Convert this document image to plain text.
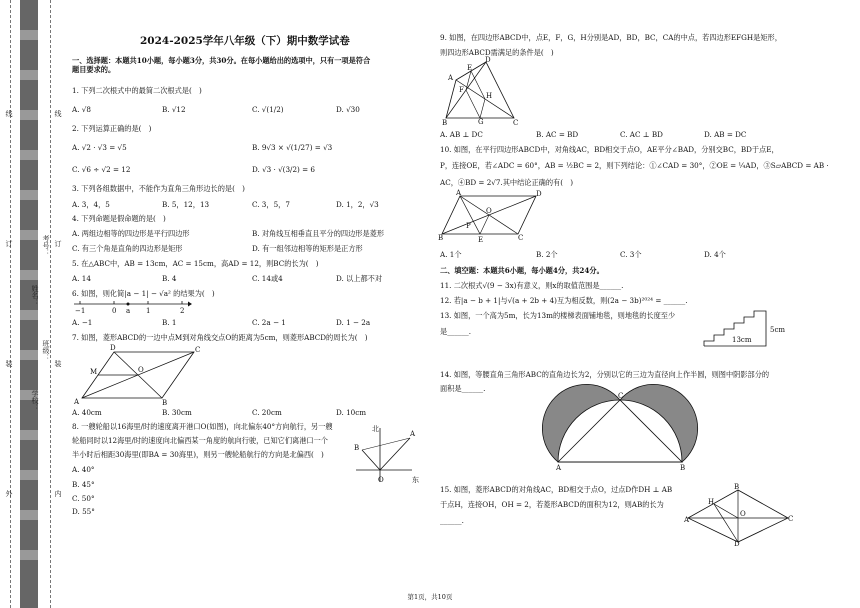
线
订
装
外
考号：
学校：
姓名：
班级：
线
订
装
内
2024-2025学年八年级（下）期中数学试卷
一、选择题：本题共10小题，每小题3分，共30分。在每小题给出的选项中，只有一项是符合题目要求的。
1. 下列二次根式中的最简二次根式是(　)
A. √8	B. √12	C. √(1/2)	D. √30
2. 下列运算正确的是(　)
A. √2 · √3 = √5	B. 9√3 × √(1/27) = √3
C. √6 ÷ √2 = 12	D. √3 · √(3/2) = 6
3. 下列各组数据中，不能作为直角三角形边长的是(　)
A. 3，4，5	B. 5，12，13	C. 3，5，7	D. 1，2，√3
4. 下列命题是假命题的是(　)
A. 两组边相等的四边形是平行四边形	B. 对角线互相垂直且平分的四边形是菱形
C. 有三个角是直角的四边形是矩形	D. 有一组邻边相等的矩形是正方形
5. 在△ABC中，AB = 13cm，AC = 15cm，高AD = 12，则BC的长为(　)
A. 14	B. 4	C. 14或4	D. 以上都不对
6. 如图，则化简|a − 1| − √a² 的结果为(　)
−1	0 a 1	2
A. −1	B. 1	C. 2a − 1	D. 1 − 2a
7. 如图，菱形ABCD的一边中点M到对角线交点O的距离为5cm，则菱形ABCD的周长为(　)
D	C
A	B
M	O
A. 40cm	B. 30cm	C. 20cm	D. 10cm
8. 一艘轮船以16海里/时的速度离开港口O(如图)，向北偏东40°方向航行，另一艘
轮船同时以12海里/时的速度向北偏西某一角度的航向行驶，已知它们离港口一个
半小时后相距30海里(即BA = 30海里)，则另一艘轮船航行的方向是北偏西(　)
A. 40°
B. 45°
C. 50°
D. 55°
北
东
B
A
O
9. 如图，在四边形ABCD中，点E，F，G，H分别是AD，BD，BC，CA的中点，若四边形EFGH是矩形，
则四边形ABCD需满足的条件是(　)
A
D
B	C
E
F
G
H
A. AB ⊥ DC	B. AC = BD	C. AC ⊥ BD	D. AB = DC
10. 如图，在平行四边形ABCD中，对角线AC，BD相交于点O，AE平分∠BAD，分别交BC，BD于点E，
P，连接OE，若∠ADC = 60°，AB = ½BC = 2，则下列结论：①∠CAD = 30°，②OE = ¼AD，③S▱ABCD = AB ·
AC，④BD = 2√7.其中结论正确的有(　)
A	D
B	C
O
P
E
A. 1个	B. 2个	C. 3个	D. 4个
二、填空题：本题共6小题，每小题4分，共24分。
11. 二次根式√(9 − 3x)有意义，则x的取值范围是______.
12. 若|a − b + 1|与√(a + 2b + 4)互为相反数，则(2a − 3b)²⁰²⁴ = ______.
13. 如图，一个高为5m，长为13m的楼梯表面铺地毯，则地毯的长度至少
是______.
13cm
5cm
14. 如图，等腰直角三角形ABC的直角边长为2，分别以它的三边为直径向上作半圆，则图中阴影部分的
面积是______.
A	B
C
15. 如图，菱形ABCD的对角线AC，BD相交于点O，过点D作DH ⊥ AB
于点H，连接OH，OH = 2，若菱形ABCD的面积为12，则AB的长为
______.	A
B
C
D
H
O
第1页，共10页
